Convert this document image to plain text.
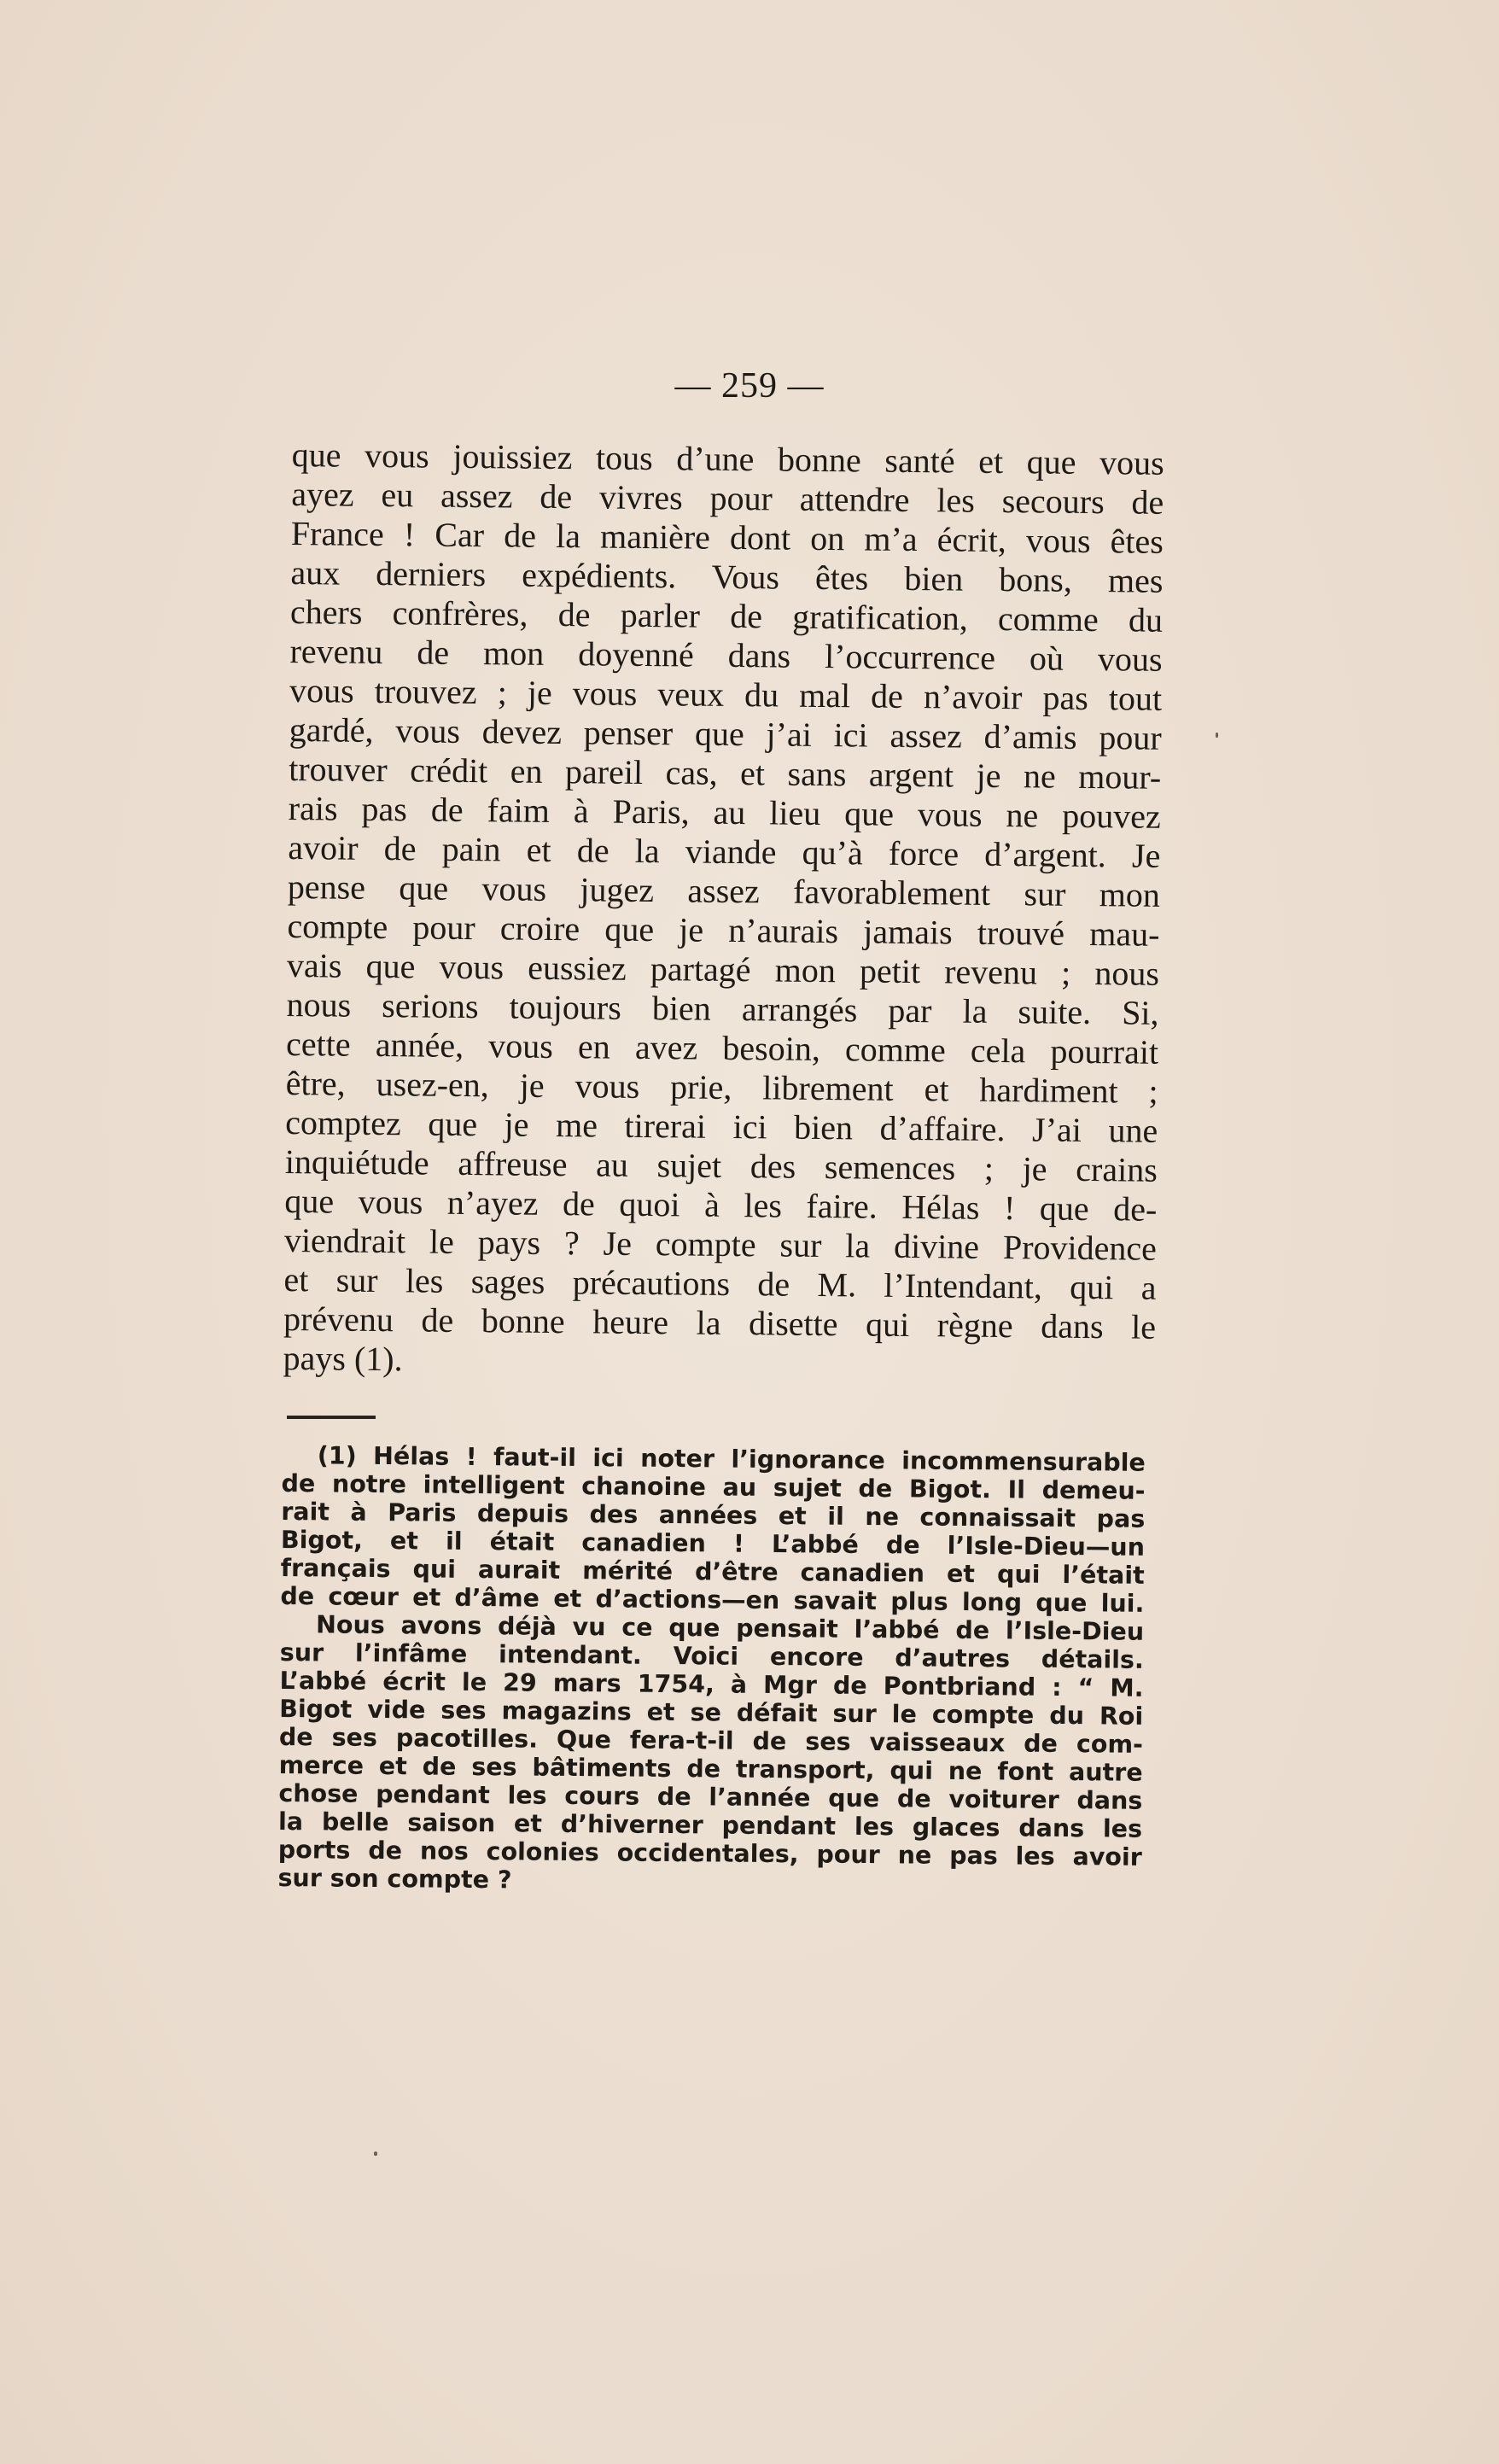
— 259 —
que vous jouissiez tous d’une bonne santé et que vous
ayez eu assez de vivres pour attendre les secours de
France ! Car de la manière dont on m’a écrit, vous êtes
aux derniers expédients. Vous êtes bien bons, mes
chers confrères, de parler de gratification, comme du
revenu de mon doyenné dans l’occurrence où vous
vous trouvez ; je vous veux du mal de n’avoir pas tout
gardé, vous devez penser que j’ai ici assez d’amis pour
trouver crédit en pareil cas, et sans argent je ne mour-
rais pas de faim à Paris, au lieu que vous ne pouvez
avoir de pain et de la viande qu’à force d’argent. Je
pense que vous jugez assez favorablement sur mon
compte pour croire que je n’aurais jamais trouvé mau-
vais que vous eussiez partagé mon petit revenu ; nous
nous serions toujours bien arrangés par la suite. Si,
cette année, vous en avez besoin, comme cela pourrait
être, usez-en, je vous prie, librement et hardiment ;
comptez que je me tirerai ici bien d’affaire. J’ai une
inquiétude affreuse au sujet des semences ; je crains
que vous n’ayez de quoi à les faire. Hélas ! que de-
viendrait le pays ? Je compte sur la divine Providence
et sur les sages précautions de M. l’Intendant, qui a
prévenu de bonne heure la disette qui règne dans le
pays (1).
(1) Hélas ! faut-il ici noter l’ignorance incommensurable
de notre intelligent chanoine au sujet de Bigot. Il demeu-
rait à Paris depuis des années et il ne connaissait pas
Bigot, et il était canadien ! L’abbé de l’Isle-Dieu—un
français qui aurait mérité d’être canadien et qui l’était
de cœur et d’âme et d’actions—en savait plus long que lui.
Nous avons déjà vu ce que pensait l’abbé de l’Isle-Dieu
sur l’infâme intendant. Voici encore d’autres détails.
L’abbé écrit le 29 mars 1754, à Mgr de Pontbriand : “ M.
Bigot vide ses magazins et se défait sur le compte du Roi
de ses pacotilles. Que fera-t-il de ses vaisseaux de com-
merce et de ses bâtiments de transport, qui ne font autre
chose pendant les cours de l’année que de voiturer dans
la belle saison et d’hiverner pendant les glaces dans les
ports de nos colonies occidentales, pour ne pas les avoir
sur son compte ?
